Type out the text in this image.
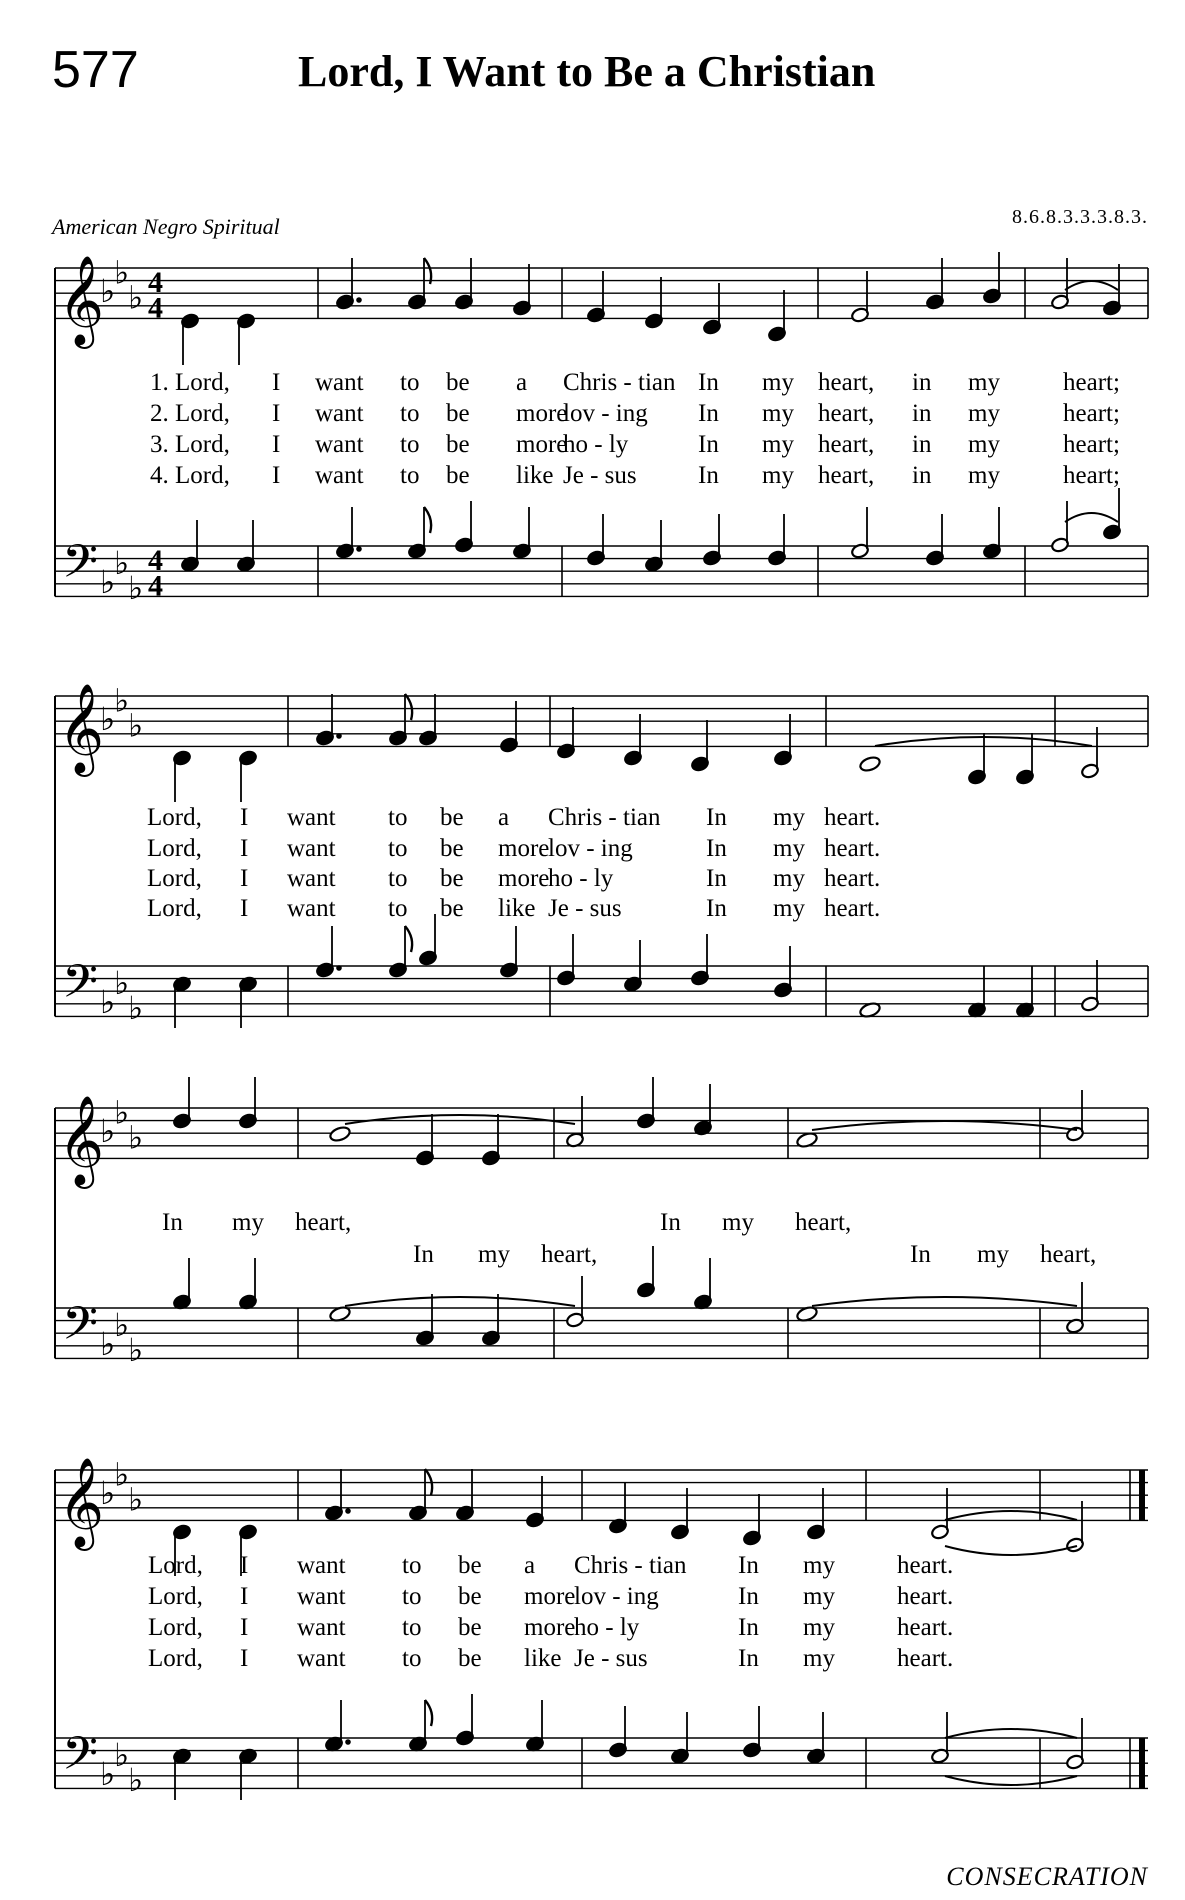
577	Lord, I Want to Be a Christian
American Negro Spiritual	8.6.8.3.3.3.8.3.
𝄞
𝄢
♭
♭
♭
♭
♭
♭
4
4
4
4
1. Lord, I want to be a Chris - tian In my heart, in my	heart;
2. Lord, I want to be more
lov - ing In my heart, in my	heart;
3. Lord, I want to be more
ho - ly	In my heart, in my	heart;
4. Lord, I want to be like Je - sus In my heart, in my	heart;
𝄞
𝄢
♭
♭
♭
♭
♭
♭
Lord, I want to be a Chris - tian In my heart.
Lord, I want to be more
lov - ing	In my heart.
Lord, I want to be more
ho - ly	In my heart.
Lord, I want to be like Je - sus	In my heart.
𝄞
𝄢
♭
♭
♭
♭
♭
♭
In my heart,	In my heart,
In my heart,	In my heart,
𝄞
𝄢
♭
♭
♭
♭
♭
♭
Lord, I want to be a Chris - tian In my heart.
Lord, I want to be more
lov - ing	In my heart.
Lord, I want to be more
ho - ly	In my heart.
Lord, I want to be like Je - sus	In my heart.
CONSECRATION
